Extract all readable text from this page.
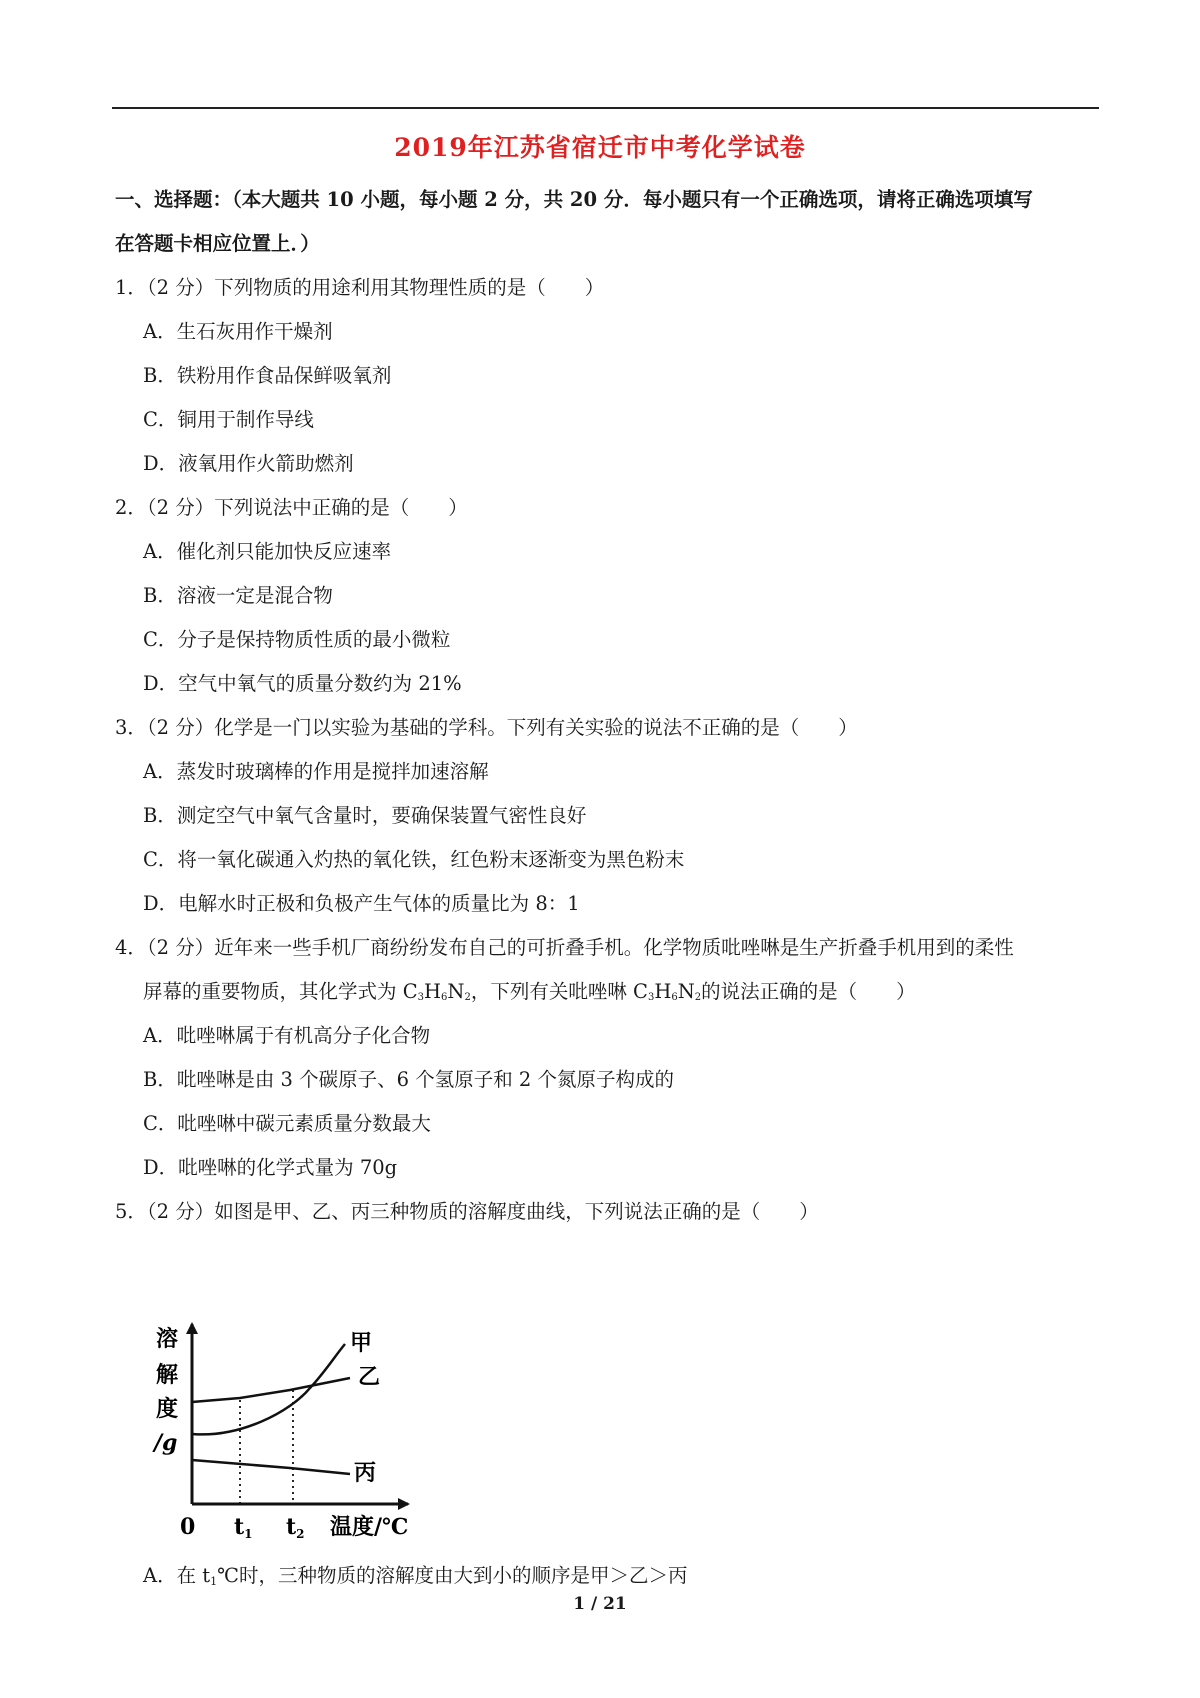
2019年江苏省宿迁市中考化学试卷
一、选择题：（本大题共 10 小题，每小题 2 分，共 20 分．每小题只有一个正确选项，请将正确选项填写
在答题卡相应位置上．）
1．（2 分）下列物质的用途利用其物理性质的是（　　）
A．生石灰用作干燥剂
B．铁粉用作食品保鲜吸氧剂
C．铜用于制作导线
D．液氧用作火箭助燃剂
2．（2 分）下列说法中正确的是（　　）
A．催化剂只能加快反应速率
B．溶液一定是混合物
C．分子是保持物质性质的最小微粒
D．空气中氧气的质量分数约为 21%
3．（2 分）化学是一门以实验为基础的学科。下列有关实验的说法不正确的是（　　）
A．蒸发时玻璃棒的作用是搅拌加速溶解
B．测定空气中氧气含量时，要确保装置气密性良好
C．将一氧化碳通入灼热的氧化铁，红色粉末逐渐变为黑色粉末
D．电解水时正极和负极产生气体的质量比为 8：1
4．（2 分）近年来一些手机厂商纷纷发布自己的可折叠手机。化学物质吡唑啉是生产折叠手机用到的柔性
屏幕的重要物质，其化学式为 $C_3H_6N_2$，下列有关吡唑啉 $C_3H_6N_2$的说法正确的是（　　）
A．吡唑啉属于有机高分子化合物
B．吡唑啉是由 3 个碳原子、6 个氢原子和 2 个氮原子构成的
C．吡唑啉中碳元素质量分数最大
D．吡唑啉的化学式量为 70g
5．（2 分）如图是甲、乙、丙三种物质的溶解度曲线，下列说法正确的是（　　）
溶
解
度
/g
甲
乙
丙
0 t1 t2 温度/℃
A．在 t1℃时，三种物质的溶解度由大到小的顺序是甲＞乙＞丙
1 / 21
